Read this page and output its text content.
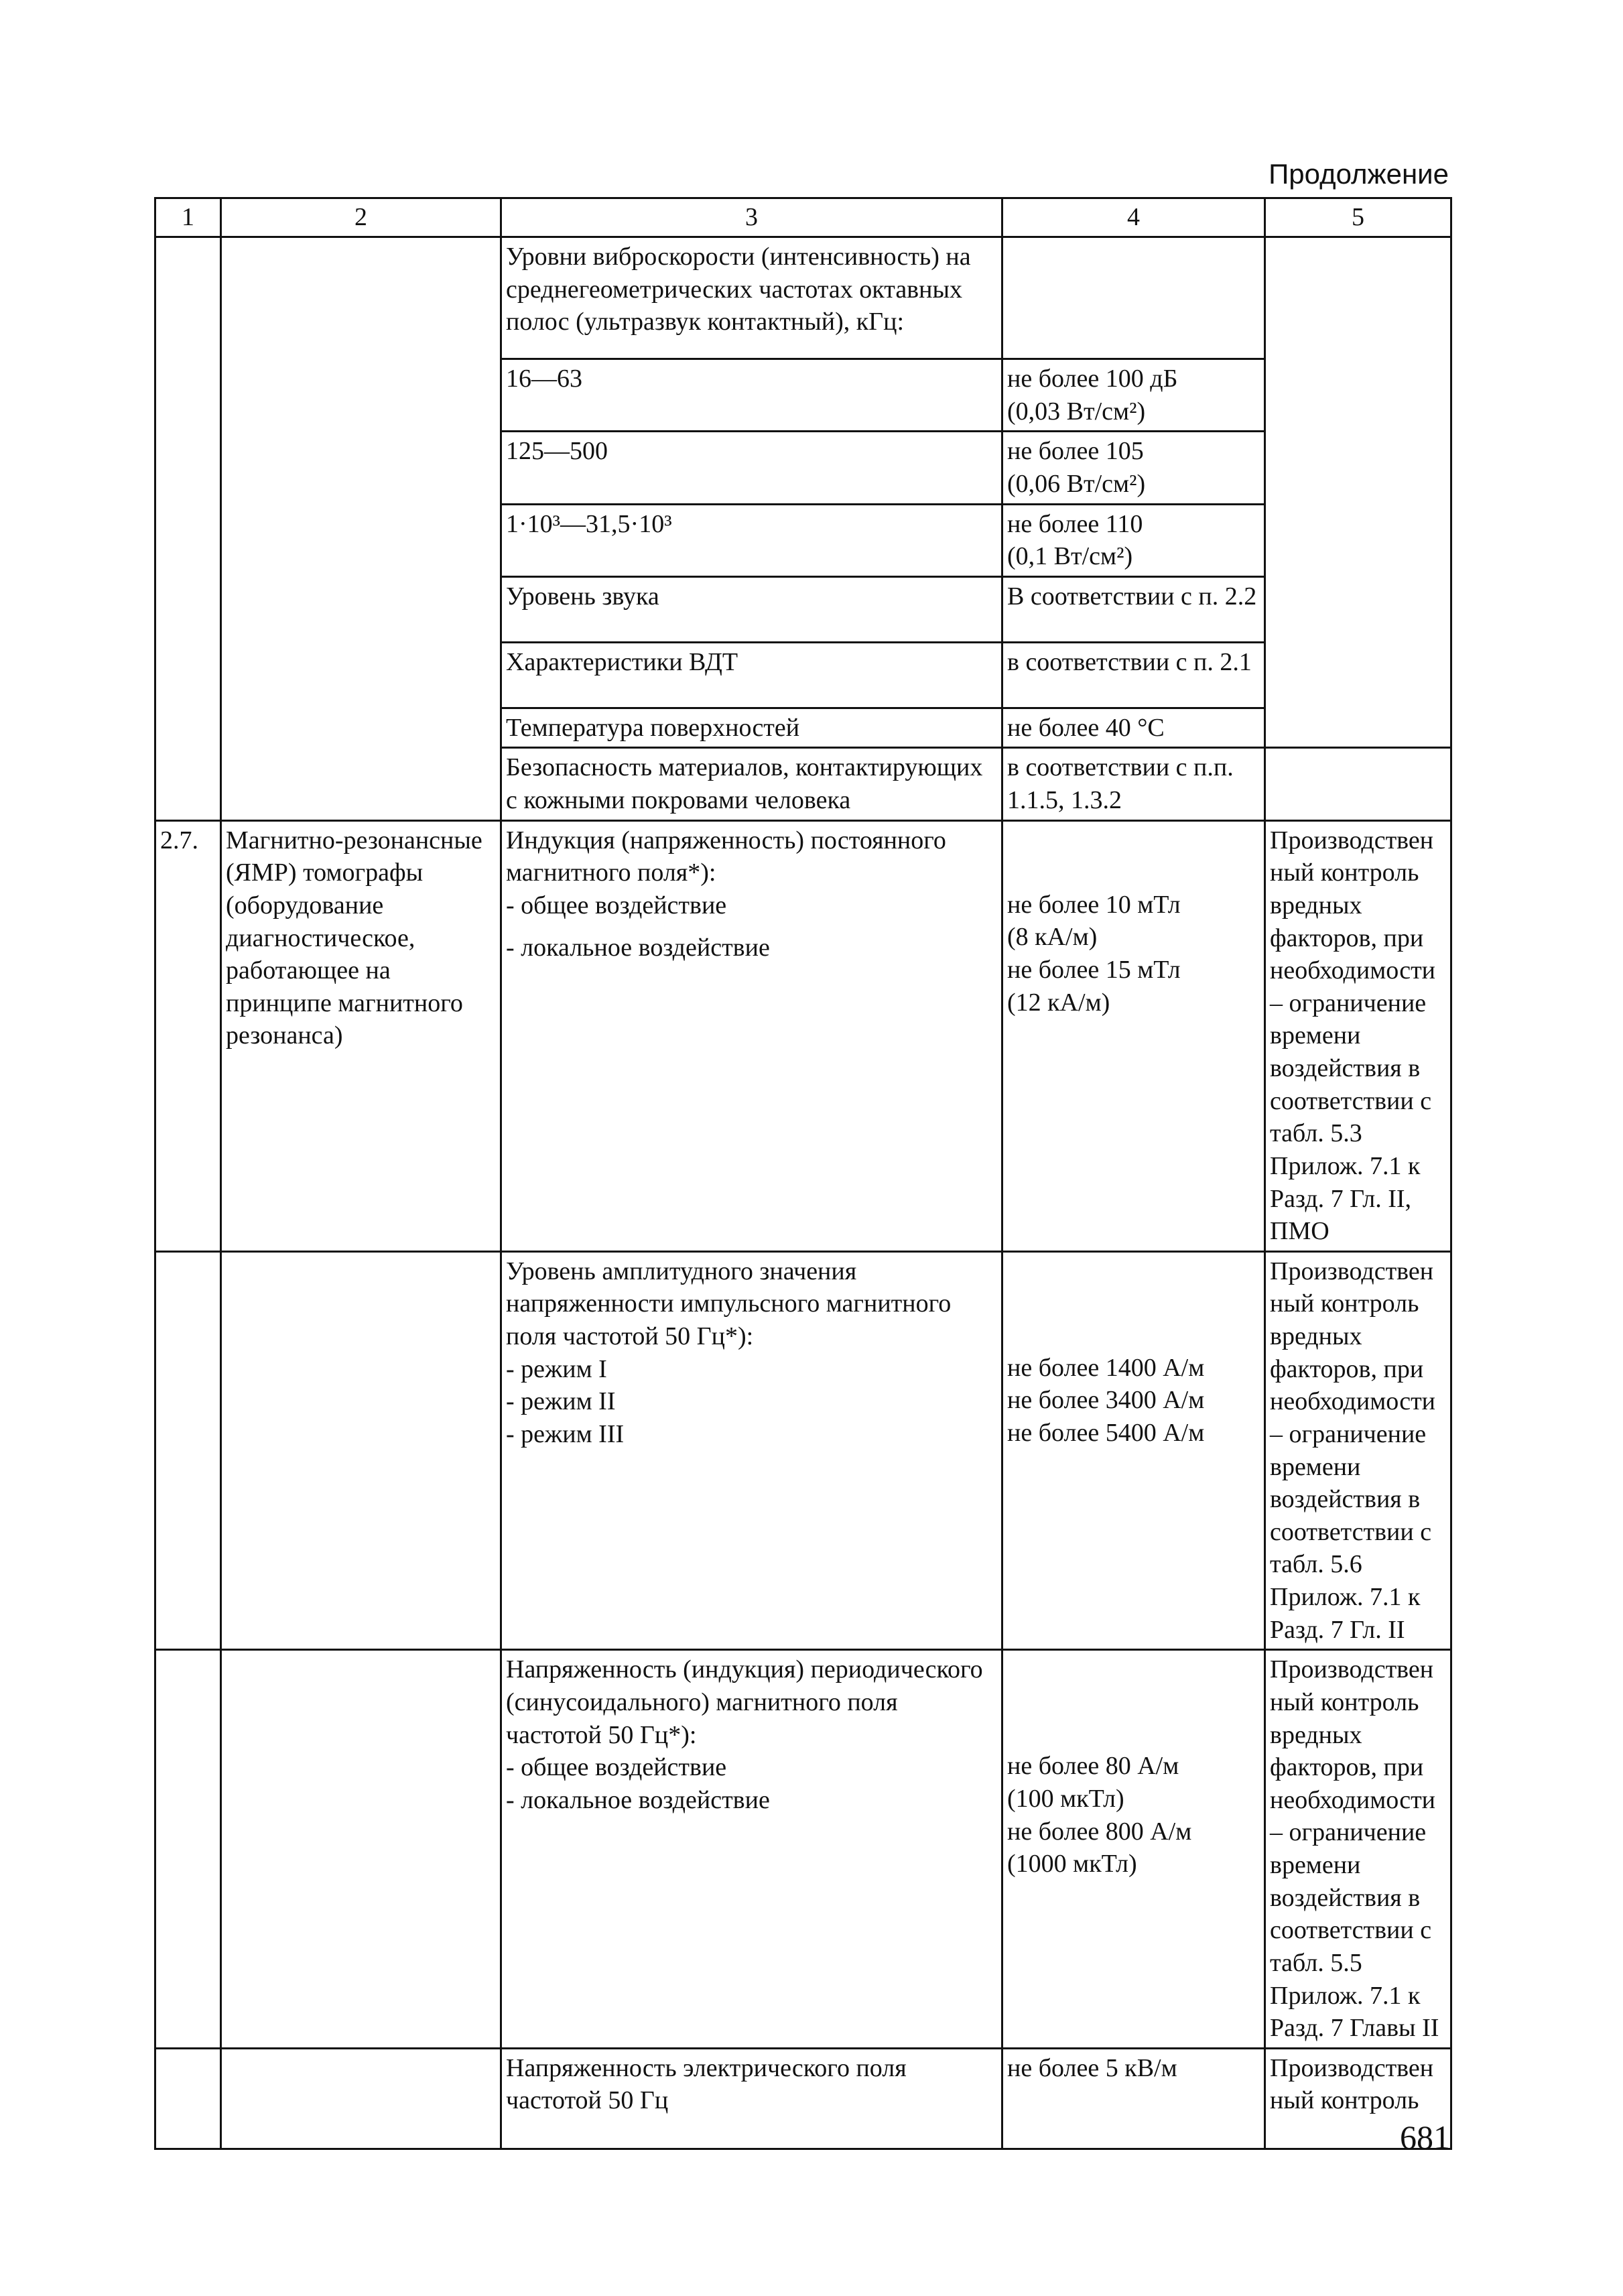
Продолжение
1	2	3	4	5
		Уровни виброскорости (интенсивность) на среднегеометрических частотах октавных полос (ультразвук контактный), кГц:		
		16—63	не более 100 дБ
(0,03 Вт/см²)	

		125—500	не более 105
(0,06 Вт/см²)	

		1·10³—31,5·10³	не более 110
(0,1 Вт/см²)	

		Уровень звука	В соответствии с п. 2.2	
		Характеристики ВДТ	в соответствии с п. 2.1	
		Температура поверхностей	не более 40 °С	
		Безопасность материалов, контактирующих с кожными покровами человека	в соответствии с п.п. 1.1.5, 1.3.2	
2.7.	Магнитно-резонансные (ЯМР) томографы (оборудование диагностическое, работающее на принципе магнитного резонанса)	Индукция (напряженность) постоянного магнитного поля*):
- общее воздействие
- локальное воздействие	не более 10 мТл
(8 кА/м)
не более 15 мТл
(12 кА/м)	Производственный контроль вредных факторов, при необходимости – ограничение времени воздействия в соответствии с табл. 5.3 Прилож. 7.1 к Разд. 7 Гл. II, ПМО

		Уровень амплитудного значения напряженности импульсного магнитного поля частотой 50 Гц*):
- режим I
- режим II
- режим III	не более 1400 А/м
не более 3400 А/м
не более 5400 А/м	Производственный контроль вредных факторов, при необходимости – ограничение времени воздействия в соответствии с табл. 5.6 Прилож. 7.1 к Разд. 7 Гл. II

		Напряженность (индукция) периодического (синусоидального) магнитного поля частотой 50 Гц*):
- общее воздействие
- локальное воздействие	не более 80 А/м
(100 мкТл)
не более 800 А/м
(1000 мкТл)	Производственный контроль вредных факторов, при необходимости – ограничение времени воздействия в соответствии с табл. 5.5 Прилож. 7.1 к Разд. 7 Главы II
		Напряженность электрического поля частотой 50 Гц	не более 5 кВ/м	Производственный контроль
681
